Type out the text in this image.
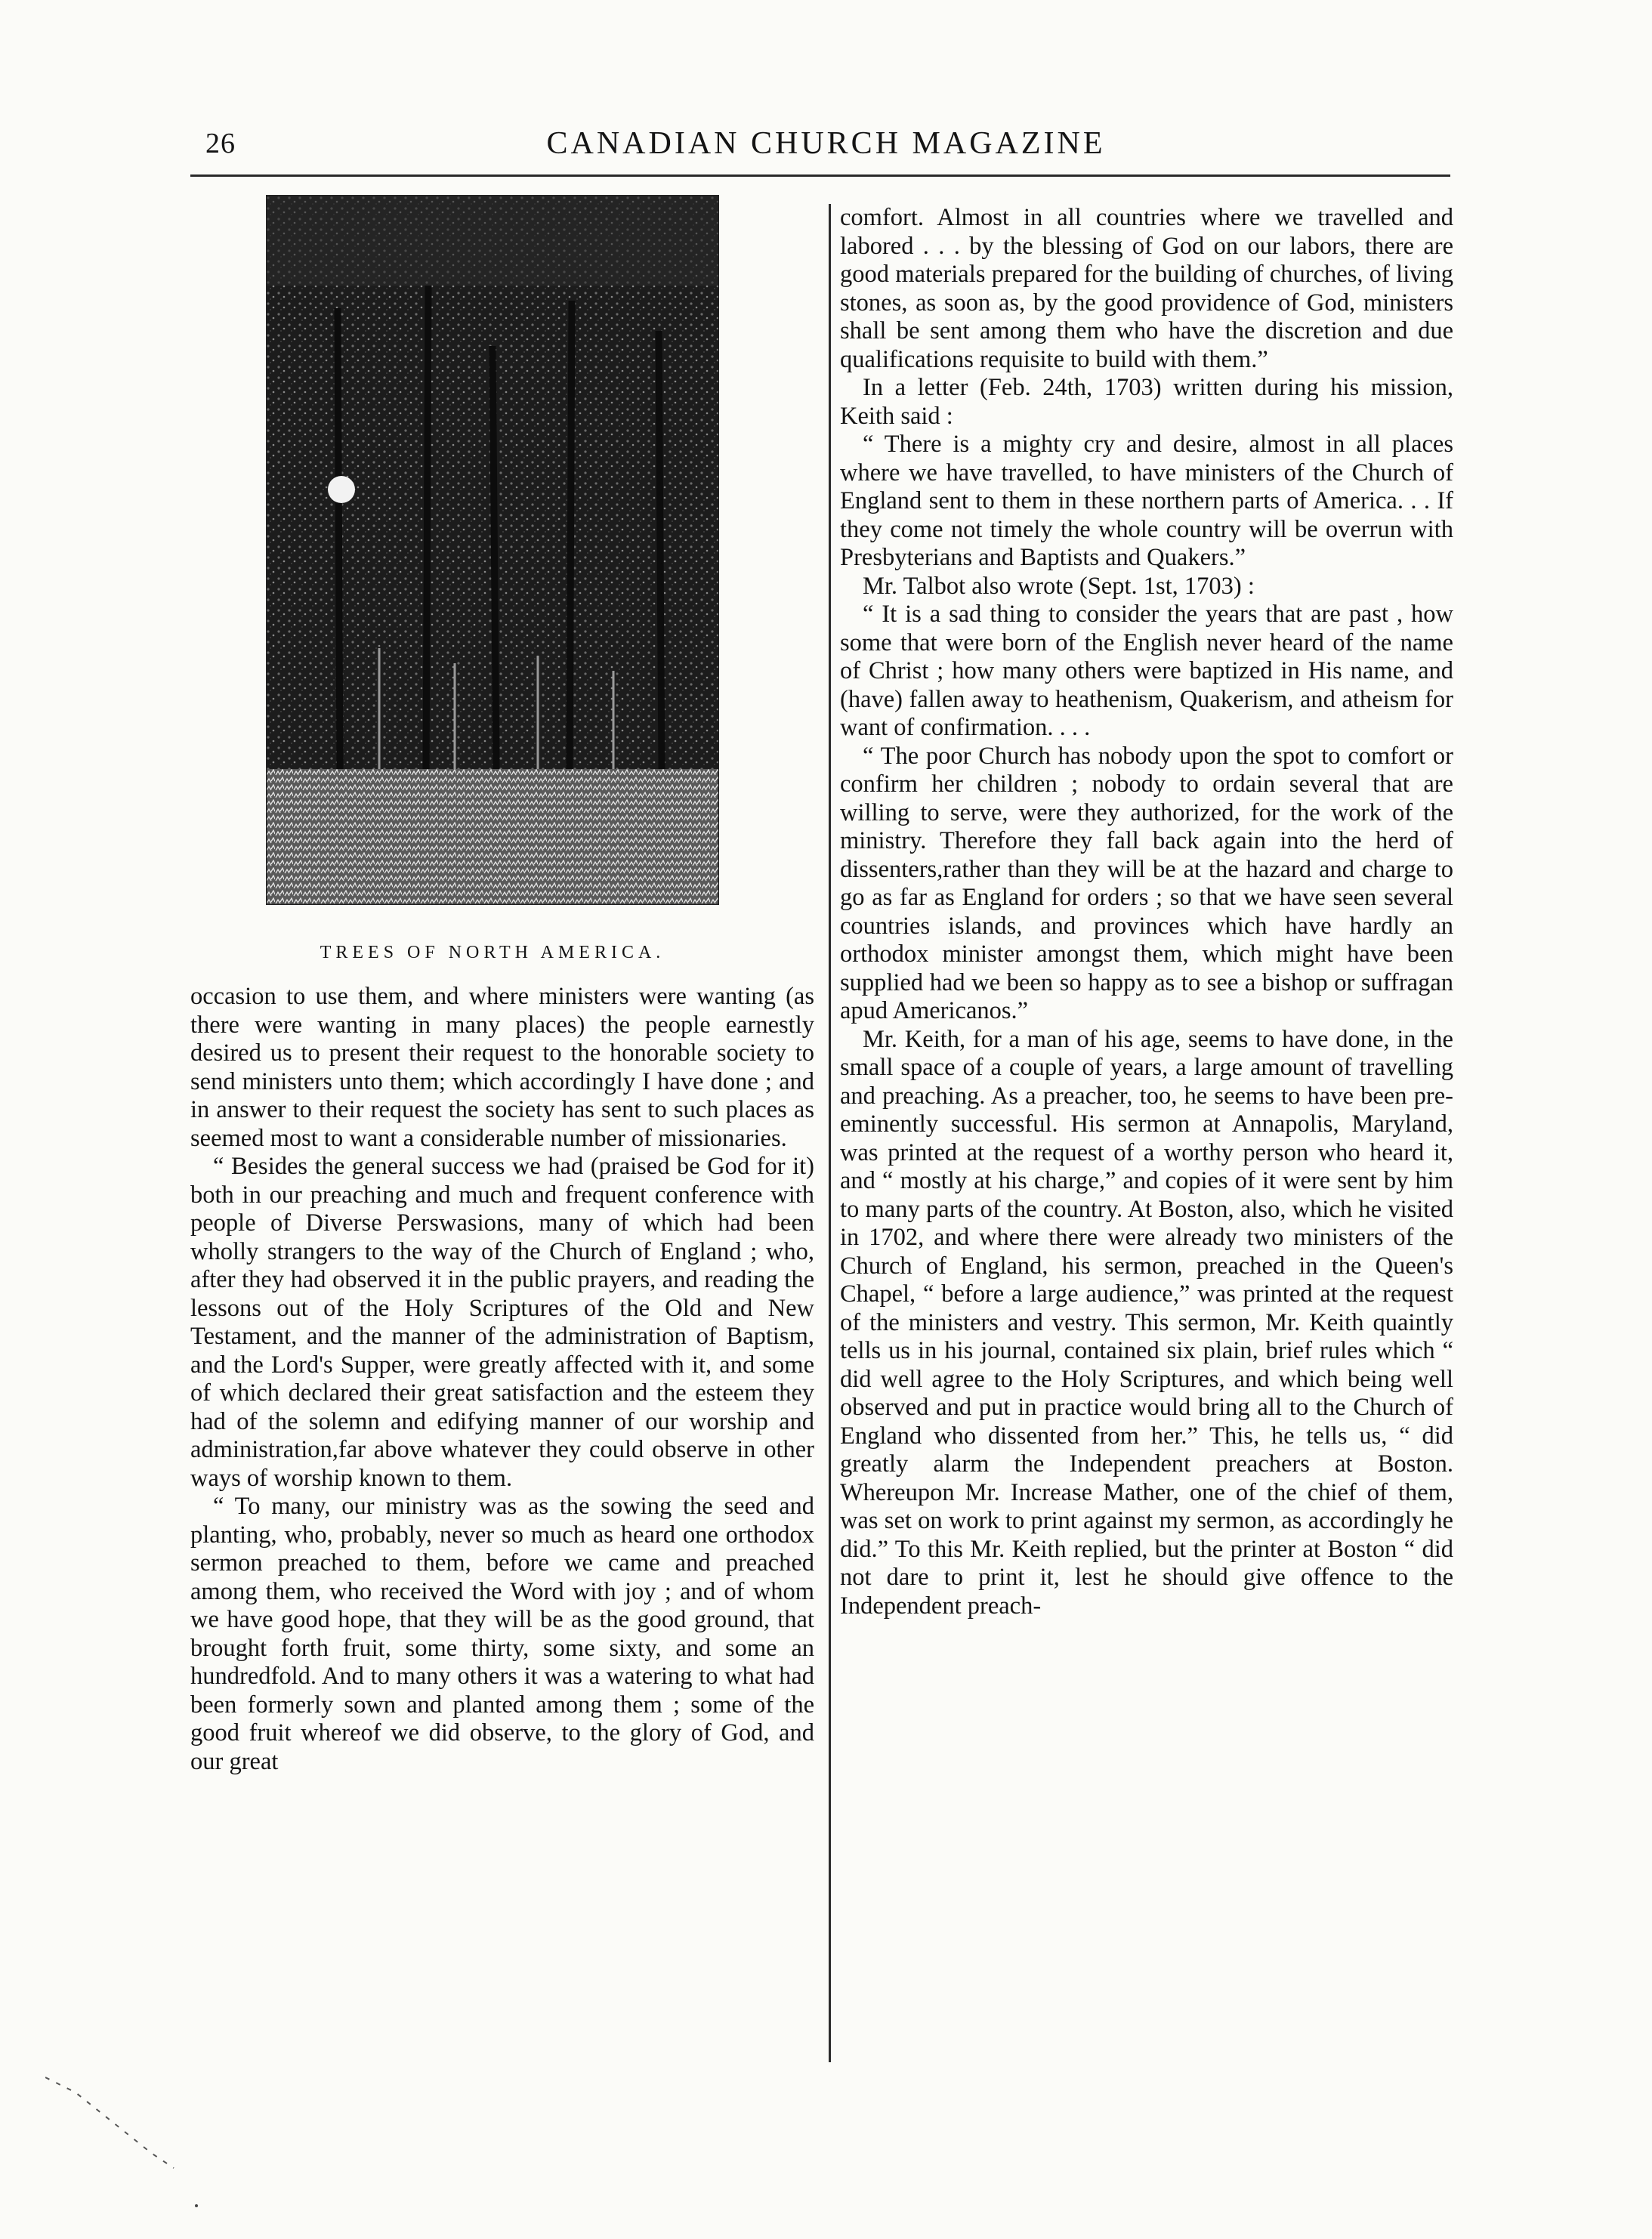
26	CANADIAN CHURCH MAGAZINE
TREES OF NORTH AMERICA.

occasion to use them, and where ministers were wanting (as there were wanting in many places) the people earnestly desired us to present their request to the honorable society to send ministers unto them; which accordingly I have done ; and in answer to their request the society has sent to such places as seemed most to want a considerable number of missionaries.

“ Besides the general success we had (praised be God for it) both in our preaching and much and frequent conference with people of Diverse Perswasions, many of which had been wholly strangers to the way of the Church of England ; who, after they had observed it in the public prayers, and reading the lessons out of the Holy Scriptures of the Old and New Testament, and the manner of the administration of Baptism, and the Lord's Supper, were greatly affected with it, and some of which declared their great satisfaction and the esteem they had of the solemn and edifying manner of our worship and administration,far above whatever they could observe in other ways of worship known to them.

“ To many, our ministry was as the sowing the seed and planting, who, probably, never so much as heard one orthodox sermon preached to them, before we came and preached among them, who received the Word with joy ; and of whom we have good hope, that they will be as the good ground, that brought forth fruit, some thirty, some sixty, and some an hundredfold. And to many others it was a watering to what had been formerly sown and planted among them ; some of the good fruit whereof we did observe, to the glory of God, and our great

comfort. Almost in all countries where we travelled and labored . . . by the blessing of God on our labors, there are good materials prepared for the building of churches, of living stones, as soon as, by the good providence of God, ministers shall be sent among them who have the discretion and due qualifications requisite to build with them.”

In a letter (Feb. 24th, 1703) written during his mission, Keith said :

“ There is a mighty cry and desire, almost in all places where we have travelled, to have ministers of the Church of England sent to them in these northern parts of America. . . If they come not timely the whole country will be overrun with Presbyterians and Baptists and Quakers.”

Mr. Talbot also wrote (Sept. 1st, 1703) :

“ It is a sad thing to consider the years that are past , how some that were born of the English never heard of the name of Christ ; how many others were baptized in His name, and (have) fallen away to heathenism, Quakerism, and atheism for want of confirmation. . . .

“ The poor Church has nobody upon the spot to comfort or confirm her children ; nobody to ordain several that are willing to serve, were they authorized, for the work of the ministry. Therefore they fall back again into the herd of dissenters,rather than they will be at the hazard and charge to go as far as England for orders ; so that we have seen several countries islands, and provinces which have hardly an orthodox minister amongst them, which might have been supplied had we been so happy as to see a bishop or suffragan apud Americanos.”

Mr. Keith, for a man of his age, seems to have done, in the small space of a couple of years, a large amount of travelling and preaching. As a preacher, too, he seems to have been pre-eminently successful. His sermon at Annapolis, Maryland, was printed at the request of a worthy person who heard it, and “ mostly at his charge,” and copies of it were sent by him to many parts of the country. At Boston, also, which he visited in 1702, and where there were already two ministers of the Church of England, his sermon, preached in the Queen's Chapel, “ before a large audience,” was printed at the request of the ministers and vestry. This sermon, Mr. Keith quaintly tells us in his journal, contained six plain, brief rules which “ did well agree to the Holy Scriptures, and which being well observed and put in practice would bring all to the Church of England who dissented from her.” This, he tells us, “ did greatly alarm the Independent preachers at Boston. Whereupon Mr. Increase Mather, one of the chief of them, was set on work to print against my sermon, as accordingly he did.” To this Mr. Keith replied, but the printer at Boston “ did not dare to print it, lest he should give offence to the Independent preach-
